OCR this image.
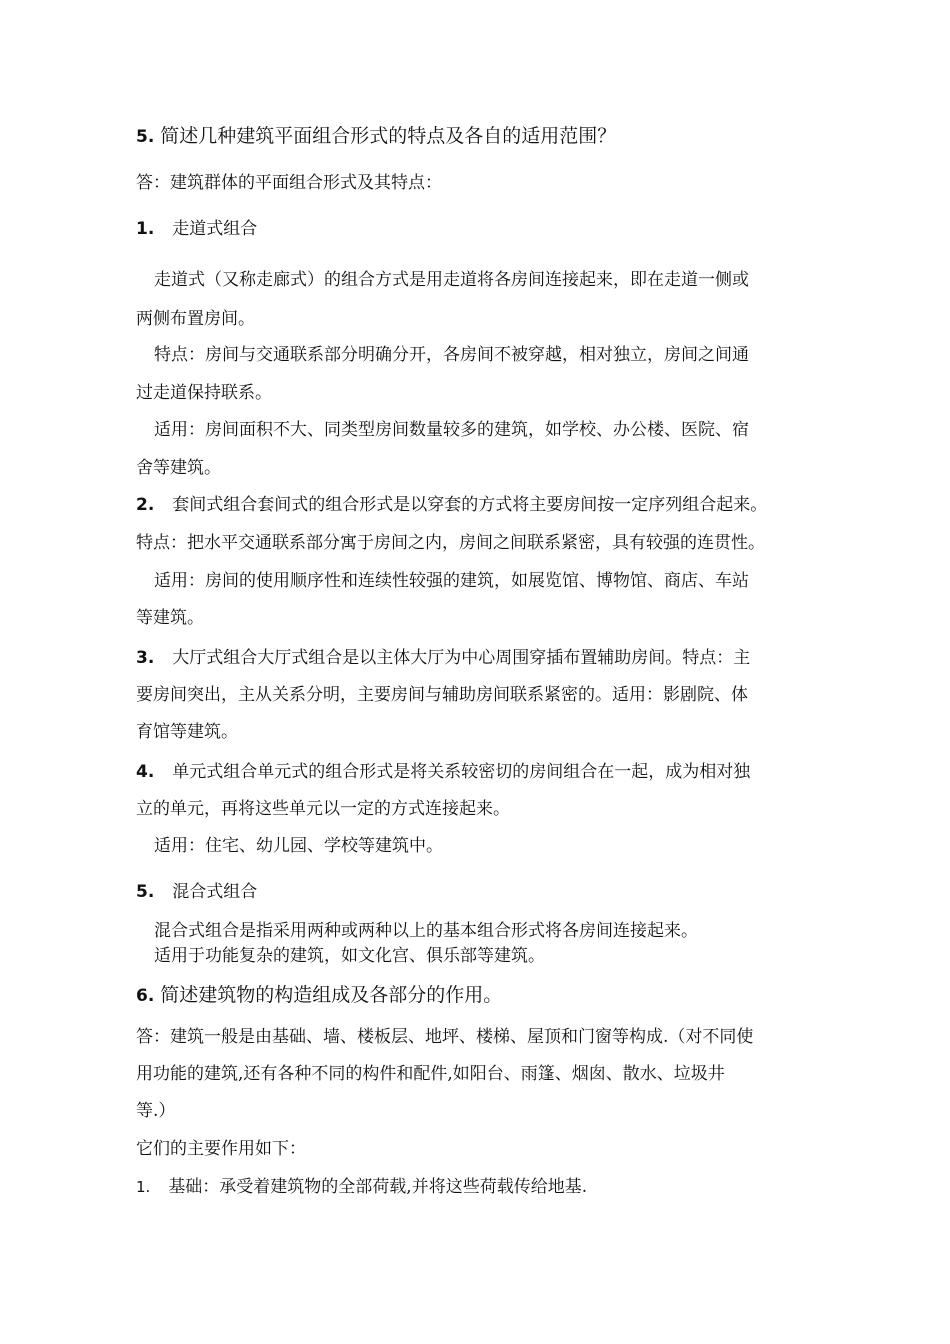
5. 简述几种建筑平面组合形式的特点及各自的适用范围？
答：建筑群体的平面组合形式及其特点：
1. 走道式组合
走道式（又称走廊式）的组合方式是用走道将各房间连接起来，即在走道一侧或
两侧布置房间。
特点：房间与交通联系部分明确分开，各房间不被穿越，相对独立，房间之间通
过走道保持联系。
适用：房间面积不大、同类型房间数量较多的建筑，如学校、办公楼、医院、宿
舍等建筑。
2. 套间式组合套间式的组合形式是以穿套的方式将主要房间按一定序列组合起来。
特点：把水平交通联系部分寓于房间之内，房间之间联系紧密，具有较强的连贯性。
适用：房间的使用顺序性和连续性较强的建筑，如展览馆、博物馆、商店、车站
等建筑。
3. 大厅式组合大厅式组合是以主体大厅为中心周围穿插布置辅助房间。特点：主
要房间突出，主从关系分明，主要房间与辅助房间联系紧密的。适用：影剧院、体
育馆等建筑。
4. 单元式组合单元式的组合形式是将关系较密切的房间组合在一起，成为相对独
立的单元，再将这些单元以一定的方式连接起来。
适用：住宅、幼儿园、学校等建筑中。
5. 混合式组合
混合式组合是指采用两种或两种以上的基本组合形式将各房间连接起来。
适用于功能复杂的建筑，如文化宫、俱乐部等建筑。
6. 简述建筑物的构造组成及各部分的作用。
答：建筑一般是由基础、墙、楼板层、地坪、楼梯、屋顶和门窗等构成.（对不同使
用功能的建筑,还有各种不同的构件和配件,如阳台、雨篷、烟囱、散水、垃圾井
等.）
它们的主要作用如下：
1. 基础：承受着建筑物的全部荷载,并将这些荷载传给地基.
